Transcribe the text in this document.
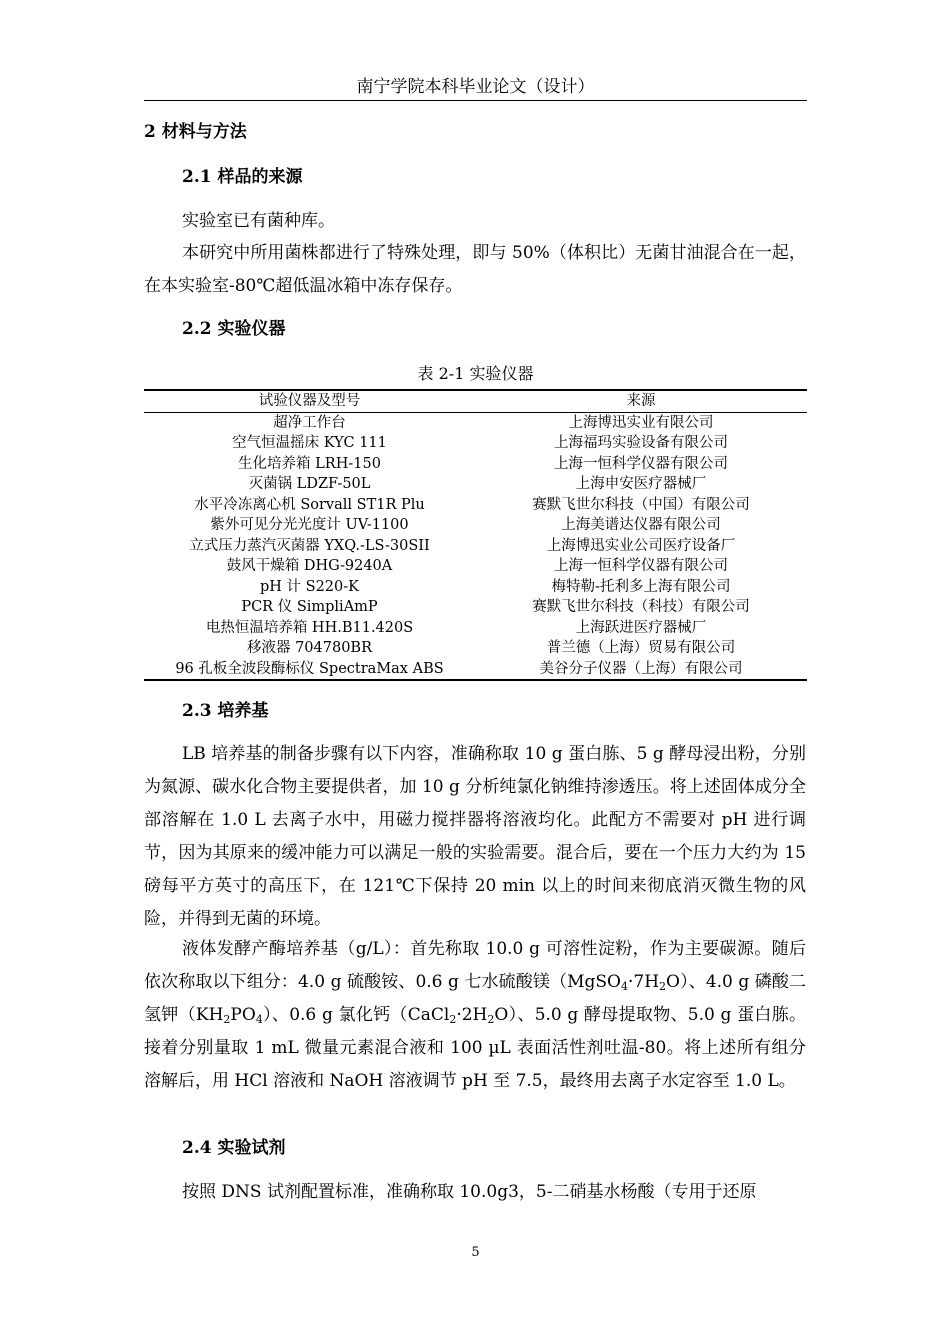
南宁学院本科毕业论文（设计）
2 材料与方法
2.1 样品的来源

实验室已有菌种库。

本研究中所用菌株都进行了特殊处理，即与 50%（体积比）无菌甘油混合在一起，在本实验室-80℃超低温冰箱中冻存保存。

2.2 实验仪器
表 2-1 实验仪器
试验仪器及型号	来源
超净工作台	上海博迅实业有限公司
空气恒温摇床 KYC 111	上海福玛实验设备有限公司
生化培养箱 LRH-150	上海一恒科学仪器有限公司
灭菌锅 LDZF-50L	上海申安医疗器械厂
水平冷冻离心机 Sorvall ST1R Plu	赛默飞世尔科技（中国）有限公司
紫外可见分光光度计 UV-1100	上海美谱达仪器有限公司
立式压力蒸汽灭菌器 YXQ.-LS-30SII	上海博迅实业公司医疗设备厂
鼓风干燥箱 DHG-9240A	上海一恒科学仪器有限公司
pH 计 S220-K	梅特勒-托利多上海有限公司
PCR 仪 SimpliAmP	赛默飞世尔科技（科技）有限公司
电热恒温培养箱 HH.B11.420S	上海跃进医疗器械厂
移液器 704780BR	普兰德（上海）贸易有限公司
96 孔板全波段酶标仪 SpectraMax ABS	美谷分子仪器（上海）有限公司
2.3 培养基

LB 培养基的制备步骤有以下内容，准确称取 10 g 蛋白胨、5 g 酵母浸出粉，分别为氮源、碳水化合物主要提供者，加 10 g 分析纯氯化钠维持渗透压。将上述固体成分全部溶解在 1.0 L 去离子水中，用磁力搅拌器将溶液均化。此配方不需要对 pH 进行调节，因为其原来的缓冲能力可以满足一般的实验需要。混合后，要在一个压力大约为 15 磅每平方英寸的高压下，在 121℃下保持 20 min 以上的时间来彻底消灭微生物的风险，并得到无菌的环境。

液体发酵产酶培养基（g/L）：首先称取 10.0 g 可溶性淀粉，作为主要碳源。随后依次称取以下组分：4.0 g 硫酸铵、0.6 g 七水硫酸镁$(MgSO_4\cdot 7H_2O)$、4.0 g 磷酸二氢钾$(KH_2PO_4)$、0.6 g 氯化钙$(CaCl_2\cdot 2H_2O)$、5.0 g 酵母提取物、5.0 g 蛋白胨。接着分别量取 1 mL 微量元素混合液和 100 µL 表面活性剂吐温-80。将上述所有组分溶解后，用 HCl 溶液和 NaOH 溶液调节 pH 至 7.5，最终用去离子水定容至 1.0 L。

2.4 实验试剂

按照 DNS 试剂配置标准，准确称取 10.0g3，5-二硝基水杨酸（专用于还原

5
